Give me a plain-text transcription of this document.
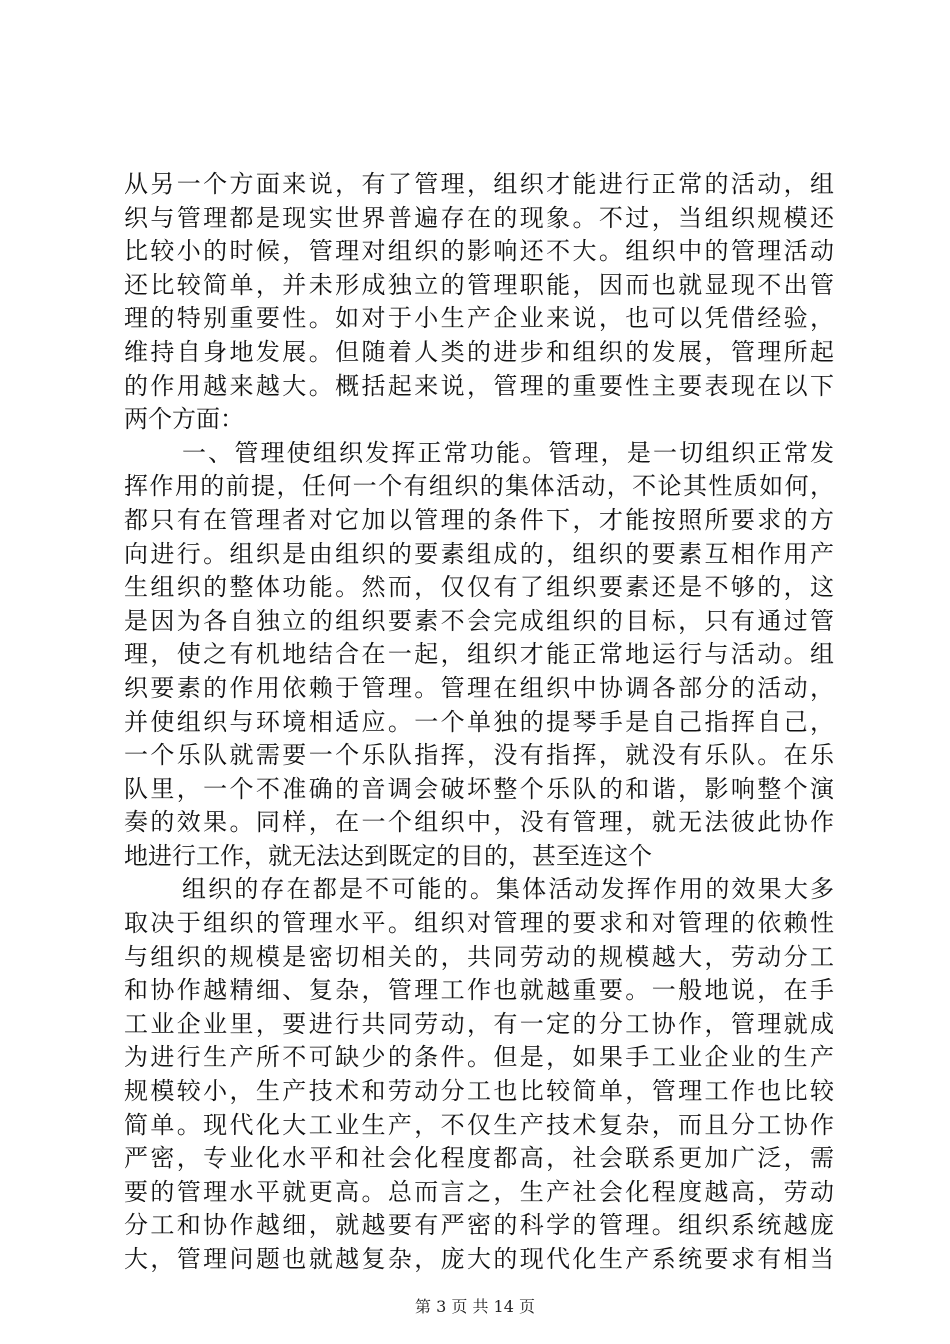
从另一个方面来说，有了管理，组织才能进行正常的活动，组
织与管理都是现实世界普遍存在的现象。不过，当组织规模还
比较小的时候，管理对组织的影响还不大。组织中的管理活动
还比较简单，并未形成独立的管理职能，因而也就显现不出管
理的特别重要性。如对于小生产企业来说，也可以凭借经验，
维持自身地发展。但随着人类的进步和组织的发展，管理所起
的作用越来越大。概括起来说，管理的重要性主要表现在以下
两个方面：
一、管理使组织发挥正常功能。管理，是一切组织正常发
挥作用的前提，任何一个有组织的集体活动，不论其性质如何，
都只有在管理者对它加以管理的条件下，才能按照所要求的方
向进行。组织是由组织的要素组成的，组织的要素互相作用产
生组织的整体功能。然而，仅仅有了组织要素还是不够的，这
是因为各自独立的组织要素不会完成组织的目标，只有通过管
理，使之有机地结合在一起，组织才能正常地运行与活动。组
织要素的作用依赖于管理。管理在组织中协调各部分的活动，
并使组织与环境相适应。一个单独的提琴手是自己指挥自己，
一个乐队就需要一个乐队指挥，没有指挥，就没有乐队。在乐
队里，一个不准确的音调会破坏整个乐队的和谐，影响整个演
奏的效果。同样，在一个组织中，没有管理，就无法彼此协作
地进行工作，就无法达到既定的目的，甚至连这个
组织的存在都是不可能的。集体活动发挥作用的效果大多
取决于组织的管理水平。组织对管理的要求和对管理的依赖性
与组织的规模是密切相关的，共同劳动的规模越大，劳动分工
和协作越精细、复杂，管理工作也就越重要。一般地说，在手
工业企业里，要进行共同劳动，有一定的分工协作，管理就成
为进行生产所不可缺少的条件。但是，如果手工业企业的生产
规模较小，生产技术和劳动分工也比较简单，管理工作也比较
简单。现代化大工业生产，不仅生产技术复杂，而且分工协作
严密，专业化水平和社会化程度都高，社会联系更加广泛，需
要的管理水平就更高。总而言之，生产社会化程度越高，劳动
分工和协作越细，就越要有严密的科学的管理。组织系统越庞
大，管理问题也就越复杂，庞大的现代化生产系统要求有相当
第 3 页 共 14 页
